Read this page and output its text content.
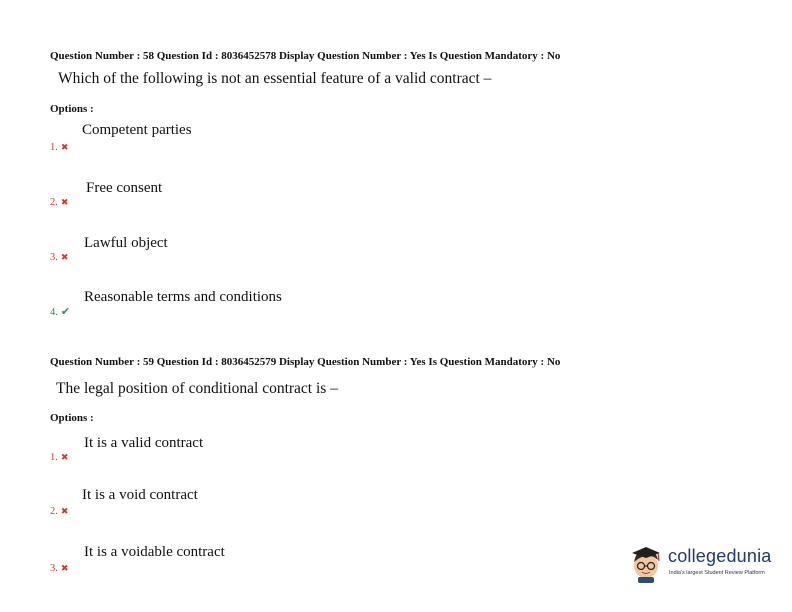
Question Number : 58 Question Id : 8036452578 Display Question Number : Yes Is Question Mandatory : No
Which of the following is not an essential feature of a valid contract –
Options :
Competent parties
1. ✖
Free consent
2. ✖
Lawful object
3. ✖
Reasonable terms and conditions
4. ✔
Question Number : 59 Question Id : 8036452579 Display Question Number : Yes Is Question Mandatory : No
The legal position of conditional contract is –
Options :
It is a valid contract
1. ✖
It is a void contract
2. ✖
It is a voidable contract
3. ✖
collegedunia
India's largest Student Review Platform
